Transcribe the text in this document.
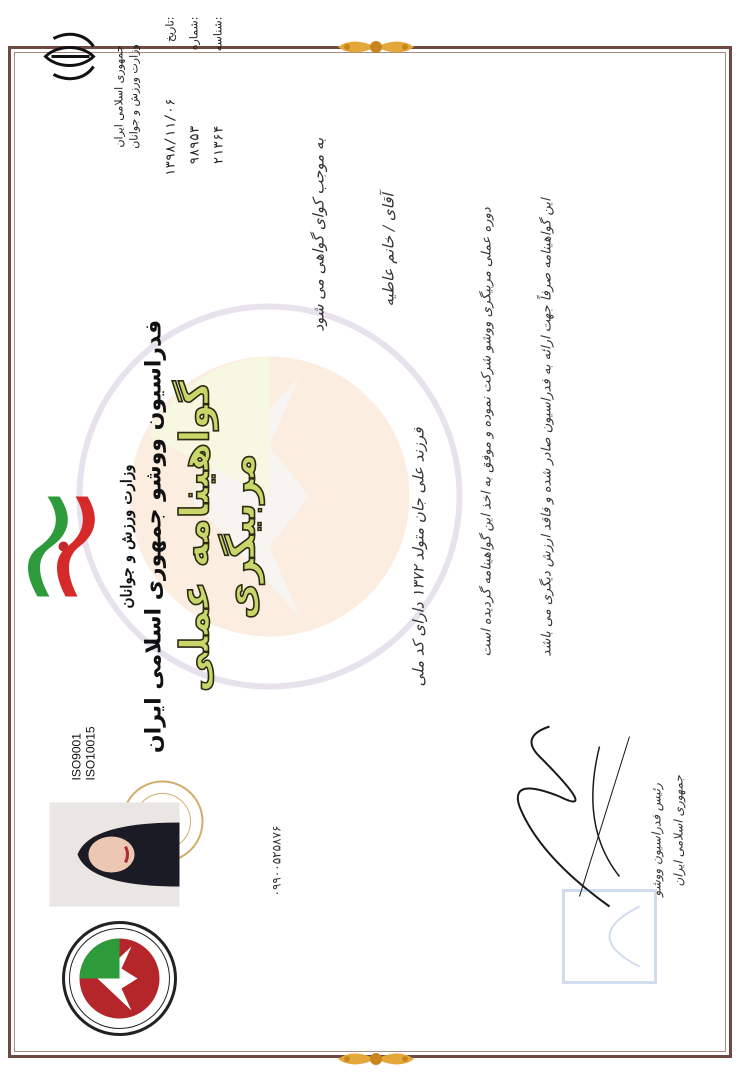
ISO9001 ISO10015
وزارت ورزش و جوانان فدراسیون ووشو جمهوری اسلامی ایران گواهینامه عملی مربیگری
جمهوری اسلامی ایران وزارت ورزش و جوانان
تاریخ:
۱۳۹۸/۱۱/۰۶
شماره:
۹۸۹۵۳
شناسه:
۲۱۳۶۴	به موجب کوای گواهی می شود	آقای / خانم عاطیه
فرزند علی جان متولد ۱۳۷۲ دارای کد ملی	دوره عملی مربیگری ووشو شرکت نموده و موفق به اخذ این گواهینامه گردیده است	این گواهینامه صرفاً جهت ارائه به فدراسیون صادر شده و فاقد ارزش دیگری می باشد
۰۹۹۰۰۵۲۵۸۷۶	رئیس فدراسیون ووشو جمهوری اسلامی ایران
